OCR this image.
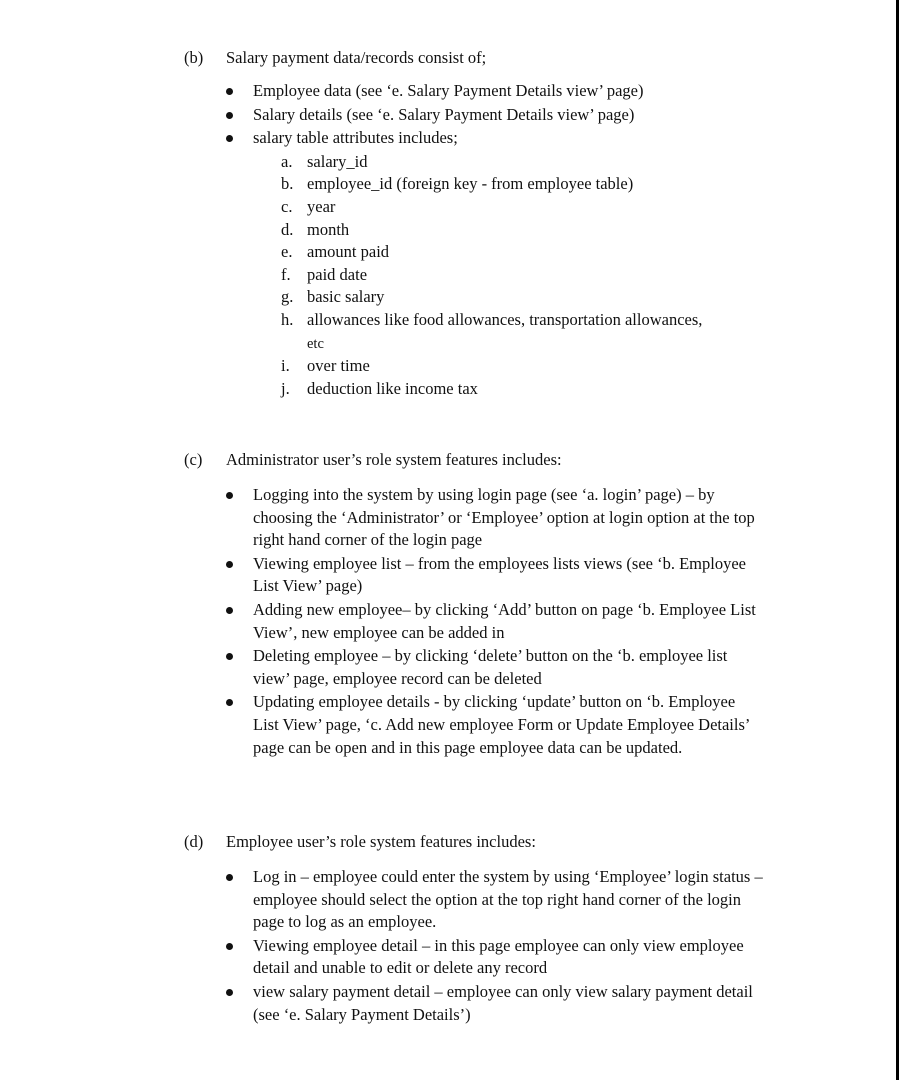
(b) Salary payment data/records consist of;
Employee data (see ‘e. Salary Payment Details view’ page)
Salary details (see ‘e. Salary Payment Details view’ page)
salary table attributes includes;
a. salary_id
b. employee_id (foreign key - from employee table)
c. year
d. month
e. amount paid
f. paid date
g. basic salary
h. allowances like food allowances, transportation allowances,
etc
i. over time
j. deduction like income tax
(c) Administrator user’s role system features includes:
Logging into the system by using login page (see ‘a. login’ page) – by choosing the ‘Administrator’ or ‘Employee’ option at login option at the top right hand corner of the login page
Viewing employee list – from the employees lists views (see ‘b. Employee List View’ page)
Adding new employee– by clicking ‘Add’ button on page ‘b. Employee List View’, new employee can be added in
Deleting employee – by clicking ‘delete’ button on the ‘b. employee list view’ page, employee record can be deleted
Updating employee details - by clicking ‘update’ button on ‘b. Employee List View’ page, ‘c. Add new employee Form or Update Employee Details’ page can be open and in this page employee data can be updated.
(d) Employee user’s role system features includes:
Log in – employee could enter the system by using ‘Employee’ login status – employee should select the option at the top right hand corner of the login page to log as an employee.
Viewing employee detail – in this page employee can only view employee detail and unable to edit or delete any record
view salary payment detail – employee can only view salary payment detail (see ‘e. Salary Payment Details’)
